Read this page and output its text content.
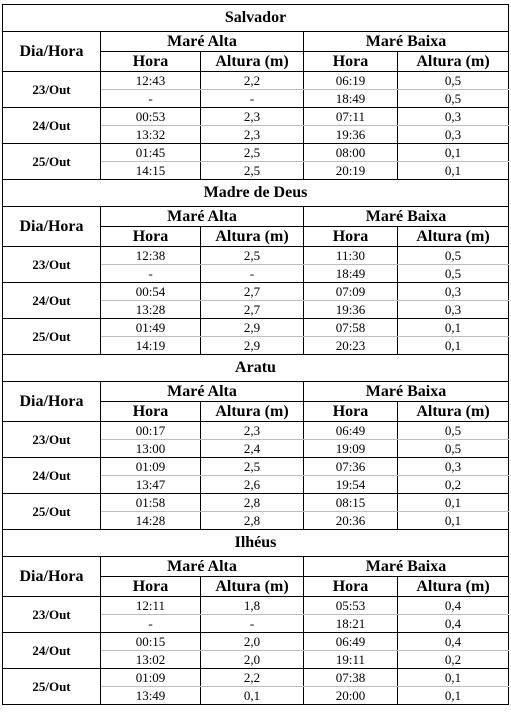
Salvador				
Dia/Hora	Maré Alta		Maré Baixa	
	Hora	Altura (m)	Hora	Altura (m)
23/Out	12:43	2,2	06:19	0,5
	-	-	18:49	0,5
24/Out	00:53	2,3	07:11	0,3
	13:32	2,3	19:36	0,3
25/Out	01:45	2,5	08:00	0,1
	14:15	2,5	20:19	0,1
Madre de Deus				
Dia/Hora	Maré Alta		Maré Baixa	
	Hora	Altura (m)	Hora	Altura (m)
23/Out	12:38	2,5	11:30	0,5
	-	-	18:49	0,5
24/Out	00:54	2,7	07:09	0,3
	13:28	2,7	19:36	0,3
25/Out	01:49	2,9	07:58	0,1
	14:19	2,9	20:23	0,1
Aratu				
Dia/Hora	Maré Alta		Maré Baixa	
	Hora	Altura (m)	Hora	Altura (m)
23/Out	00:17	2,3	06:49	0,5
	13:00	2,4	19:09	0,5
24/Out	01:09	2,5	07:36	0,3
	13:47	2,6	19:54	0,2
25/Out	01:58	2,8	08:15	0,1
	14:28	2,8	20:36	0,1
Ilhéus				
Dia/Hora	Maré Alta		Maré Baixa	
	Hora	Altura (m)	Hora	Altura (m)
23/Out	12:11	1,8	05:53	0,4
	-	-	18:21	0,4
24/Out	00:15	2,0	06:49	0,4
	13:02	2,0	19:11	0,2
25/Out	01:09	2,2	07:38	0,1
	13:49	0,1	20:00	0,1
